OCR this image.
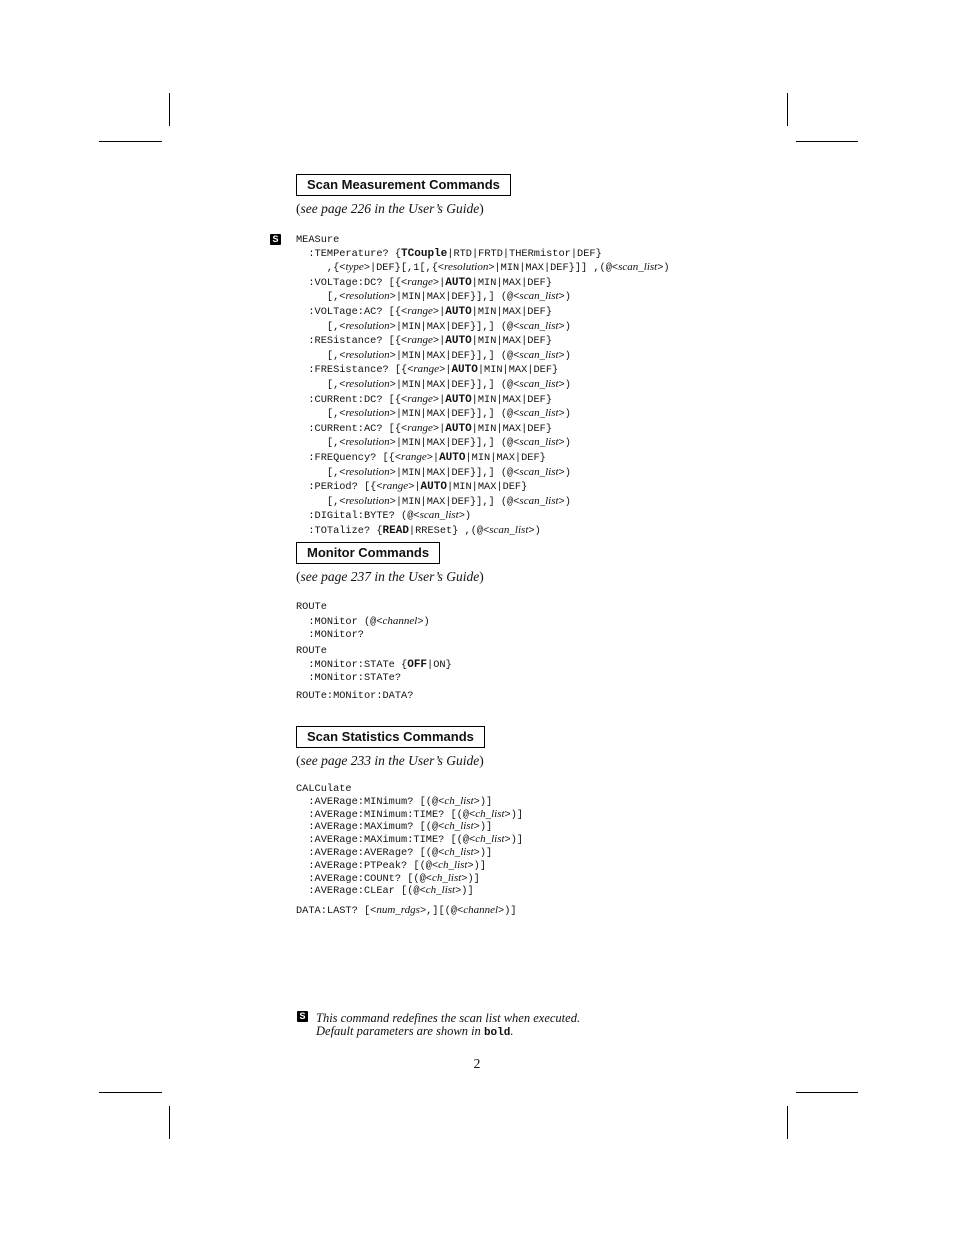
Scan Measurement Commands
(see page 226 in the User’s Guide)
S MEASure
:TEMPerature? {TCouple|RTD|FRTD|THERmistor|DEF}
,{<type>|DEF}[,1[,{<resolution>|MIN|MAX|DEF}]] ,(@<scan_list>)
:VOLTage:DC? [{<range>|AUTO|MIN|MAX|DEF}
[,<resolution>|MIN|MAX|DEF}],] (@<scan_list>)
:VOLTage:AC? [{<range>|AUTO|MIN|MAX|DEF}
[,<resolution>|MIN|MAX|DEF}],] (@<scan_list>)
:RESistance? [{<range>|AUTO|MIN|MAX|DEF}
[,<resolution>|MIN|MAX|DEF}],] (@<scan_list>)
:FRESistance? [{<range>|AUTO|MIN|MAX|DEF}
[,<resolution>|MIN|MAX|DEF}],] (@<scan_list>)
:CURRent:DC? [{<range>|AUTO|MIN|MAX|DEF}
[,<resolution>|MIN|MAX|DEF}],] (@<scan_list>)
:CURRent:AC? [{<range>|AUTO|MIN|MAX|DEF}
[,<resolution>|MIN|MAX|DEF}],] (@<scan_list>)
:FREQuency? [{<range>|AUTO|MIN|MAX|DEF}
[,<resolution>|MIN|MAX|DEF}],] (@<scan_list>)
:PERiod? [{<range>|AUTO|MIN|MAX|DEF}
[,<resolution>|MIN|MAX|DEF}],] (@<scan_list>)
:DIGital:BYTE? (@<scan_list>)
:TOTalize? {READ|RRESet} ,(@<scan_list>)
Monitor Commands
(see page 237 in the User’s Guide)
ROUTe
:MONitor (@<channel>)
:MONitor?
ROUTe
:MONitor:STATe {OFF|ON}
:MONitor:STATe?
ROUTe:MONitor:DATA?
Scan Statistics Commands
(see page 233 in the User’s Guide)
CALCulate
:AVERage:MINimum? [(@<ch_list>)]
:AVERage:MINimum:TIME? [(@<ch_list>)]
:AVERage:MAXimum? [(@<ch_list>)]
:AVERage:MAXimum:TIME? [(@<ch_list>)]
:AVERage:AVERage? [(@<ch_list>)]
:AVERage:PTPeak? [(@<ch_list>)]
:AVERage:COUNt? [(@<ch_list>)]
:AVERage:CLEar [(@<ch_list>)]
DATA:LAST? [<num_rdgs>,][(@<channel>)]
S This command redefines the scan list when executed.
Default parameters are shown in bold.
2
